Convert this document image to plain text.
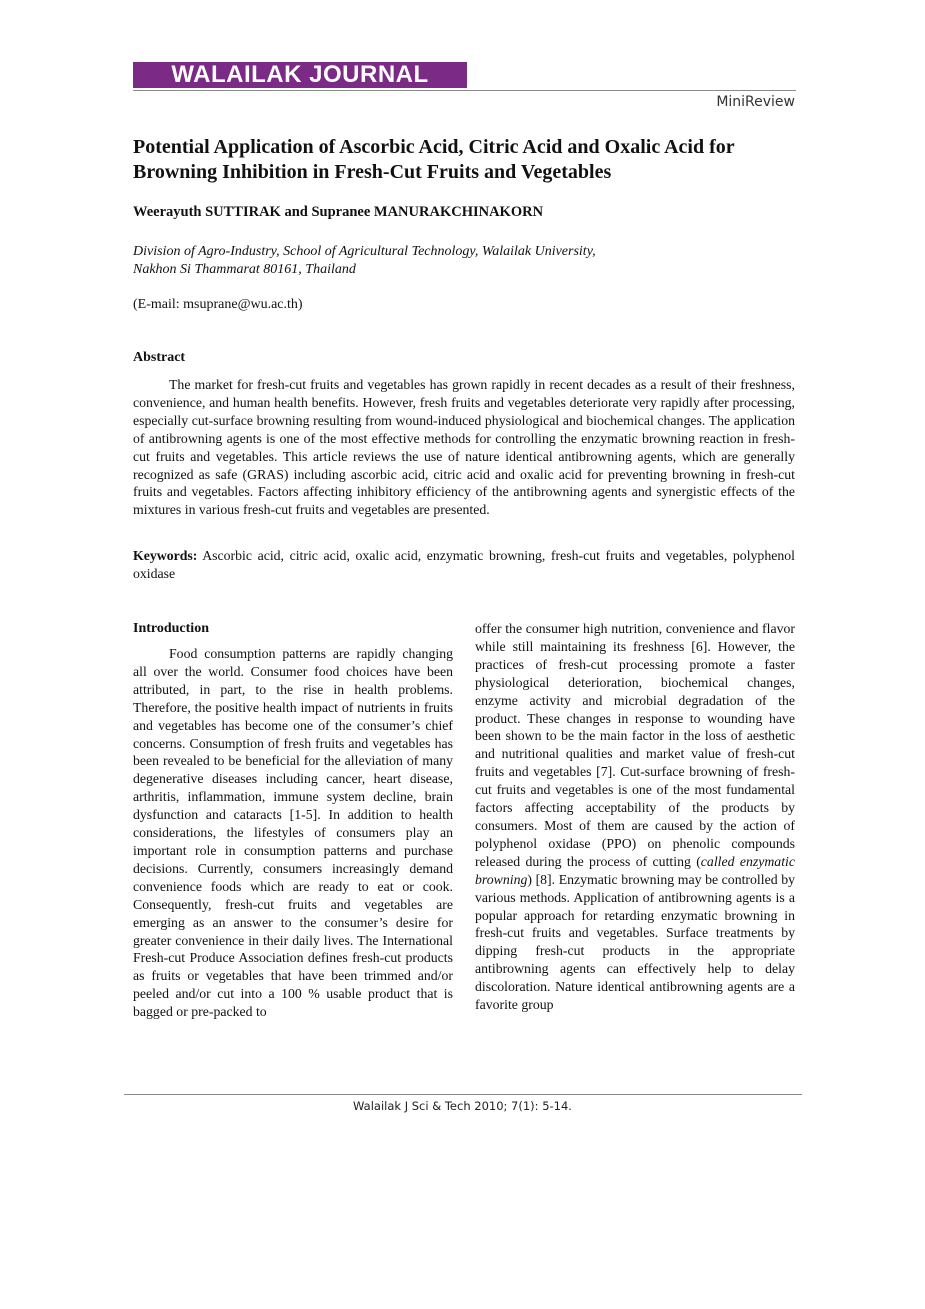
WALAILAK JOURNAL
MiniReview
Potential Application of Ascorbic Acid, Citric Acid and Oxalic Acid for Browning Inhibition in Fresh-Cut Fruits and Vegetables
Weerayuth SUTTIRAK and Supranee MANURAKCHINAKORN
Division of Agro-Industry, School of Agricultural Technology, Walailak University,
Nakhon Si Thammarat 80161, Thailand
(E-mail: msuprane@wu.ac.th)
Abstract

The market for fresh-cut fruits and vegetables has grown rapidly in recent decades as a result of their freshness, convenience, and human health benefits. However, fresh fruits and vegetables deteriorate very rapidly after processing, especially cut-surface browning resulting from wound-induced physiological and biochemical changes. The application of antibrowning agents is one of the most effective methods for controlling the enzymatic browning reaction in fresh-cut fruits and vegetables. This article reviews the use of nature identical antibrowning agents, which are generally recognized as safe (GRAS) including ascorbic acid, citric acid and oxalic acid for preventing browning in fresh-cut fruits and vegetables. Factors affecting inhibitory efficiency of the antibrowning agents and synergistic effects of the mixtures in various fresh-cut fruits and vegetables are presented.

Keywords: Ascorbic acid, citric acid, oxalic acid, enzymatic browning, fresh-cut fruits and vegetables, polyphenol oxidase

Introduction

Food consumption patterns are rapidly changing all over the world. Consumer food choices have been attributed, in part, to the rise in health problems. Therefore, the positive health impact of nutrients in fruits and vegetables has become one of the consumer’s chief concerns. Consumption of fresh fruits and vegetables has been revealed to be beneficial for the alleviation of many degenerative diseases including cancer, heart disease, arthritis, inflammation, immune system decline, brain dysfunction and cataracts [1-5]. In addition to health considerations, the lifestyles of consumers play an important role in consumption patterns and purchase decisions. Currently, consumers increasingly demand convenience foods which are ready to eat or cook. Consequently, fresh-cut fruits and vegetables are emerging as an answer to the consumer’s desire for greater convenience in their daily lives. The International Fresh-cut Produce Association defines fresh-cut products as fruits or vegetables that have been trimmed and/or peeled and/or cut into a 100 % usable product that is bagged or pre-packed to

offer the consumer high nutrition, convenience and flavor while still maintaining its freshness [6]. However, the practices of fresh-cut processing promote a faster physiological deterioration, biochemical changes, enzyme activity and microbial degradation of the product. These changes in response to wounding have been shown to be the main factor in the loss of aesthetic and nutritional qualities and market value of fresh-cut fruits and vegetables [7]. Cut-surface browning of fresh-cut fruits and vegetables is one of the most fundamental factors affecting acceptability of the products by consumers. Most of them are caused by the action of polyphenol oxidase (PPO) on phenolic compounds released during the process of cutting (called enzymatic browning) [8]. Enzymatic browning may be controlled by various methods. Application of antibrowning agents is a popular approach for retarding enzymatic browning in fresh-cut fruits and vegetables. Surface treatments by dipping fresh-cut products in the appropriate antibrowning agents can effectively help to delay discoloration. Nature identical antibrowning agents are a favorite group

Walailak J Sci & Tech 2010; 7(1): 5-14.
